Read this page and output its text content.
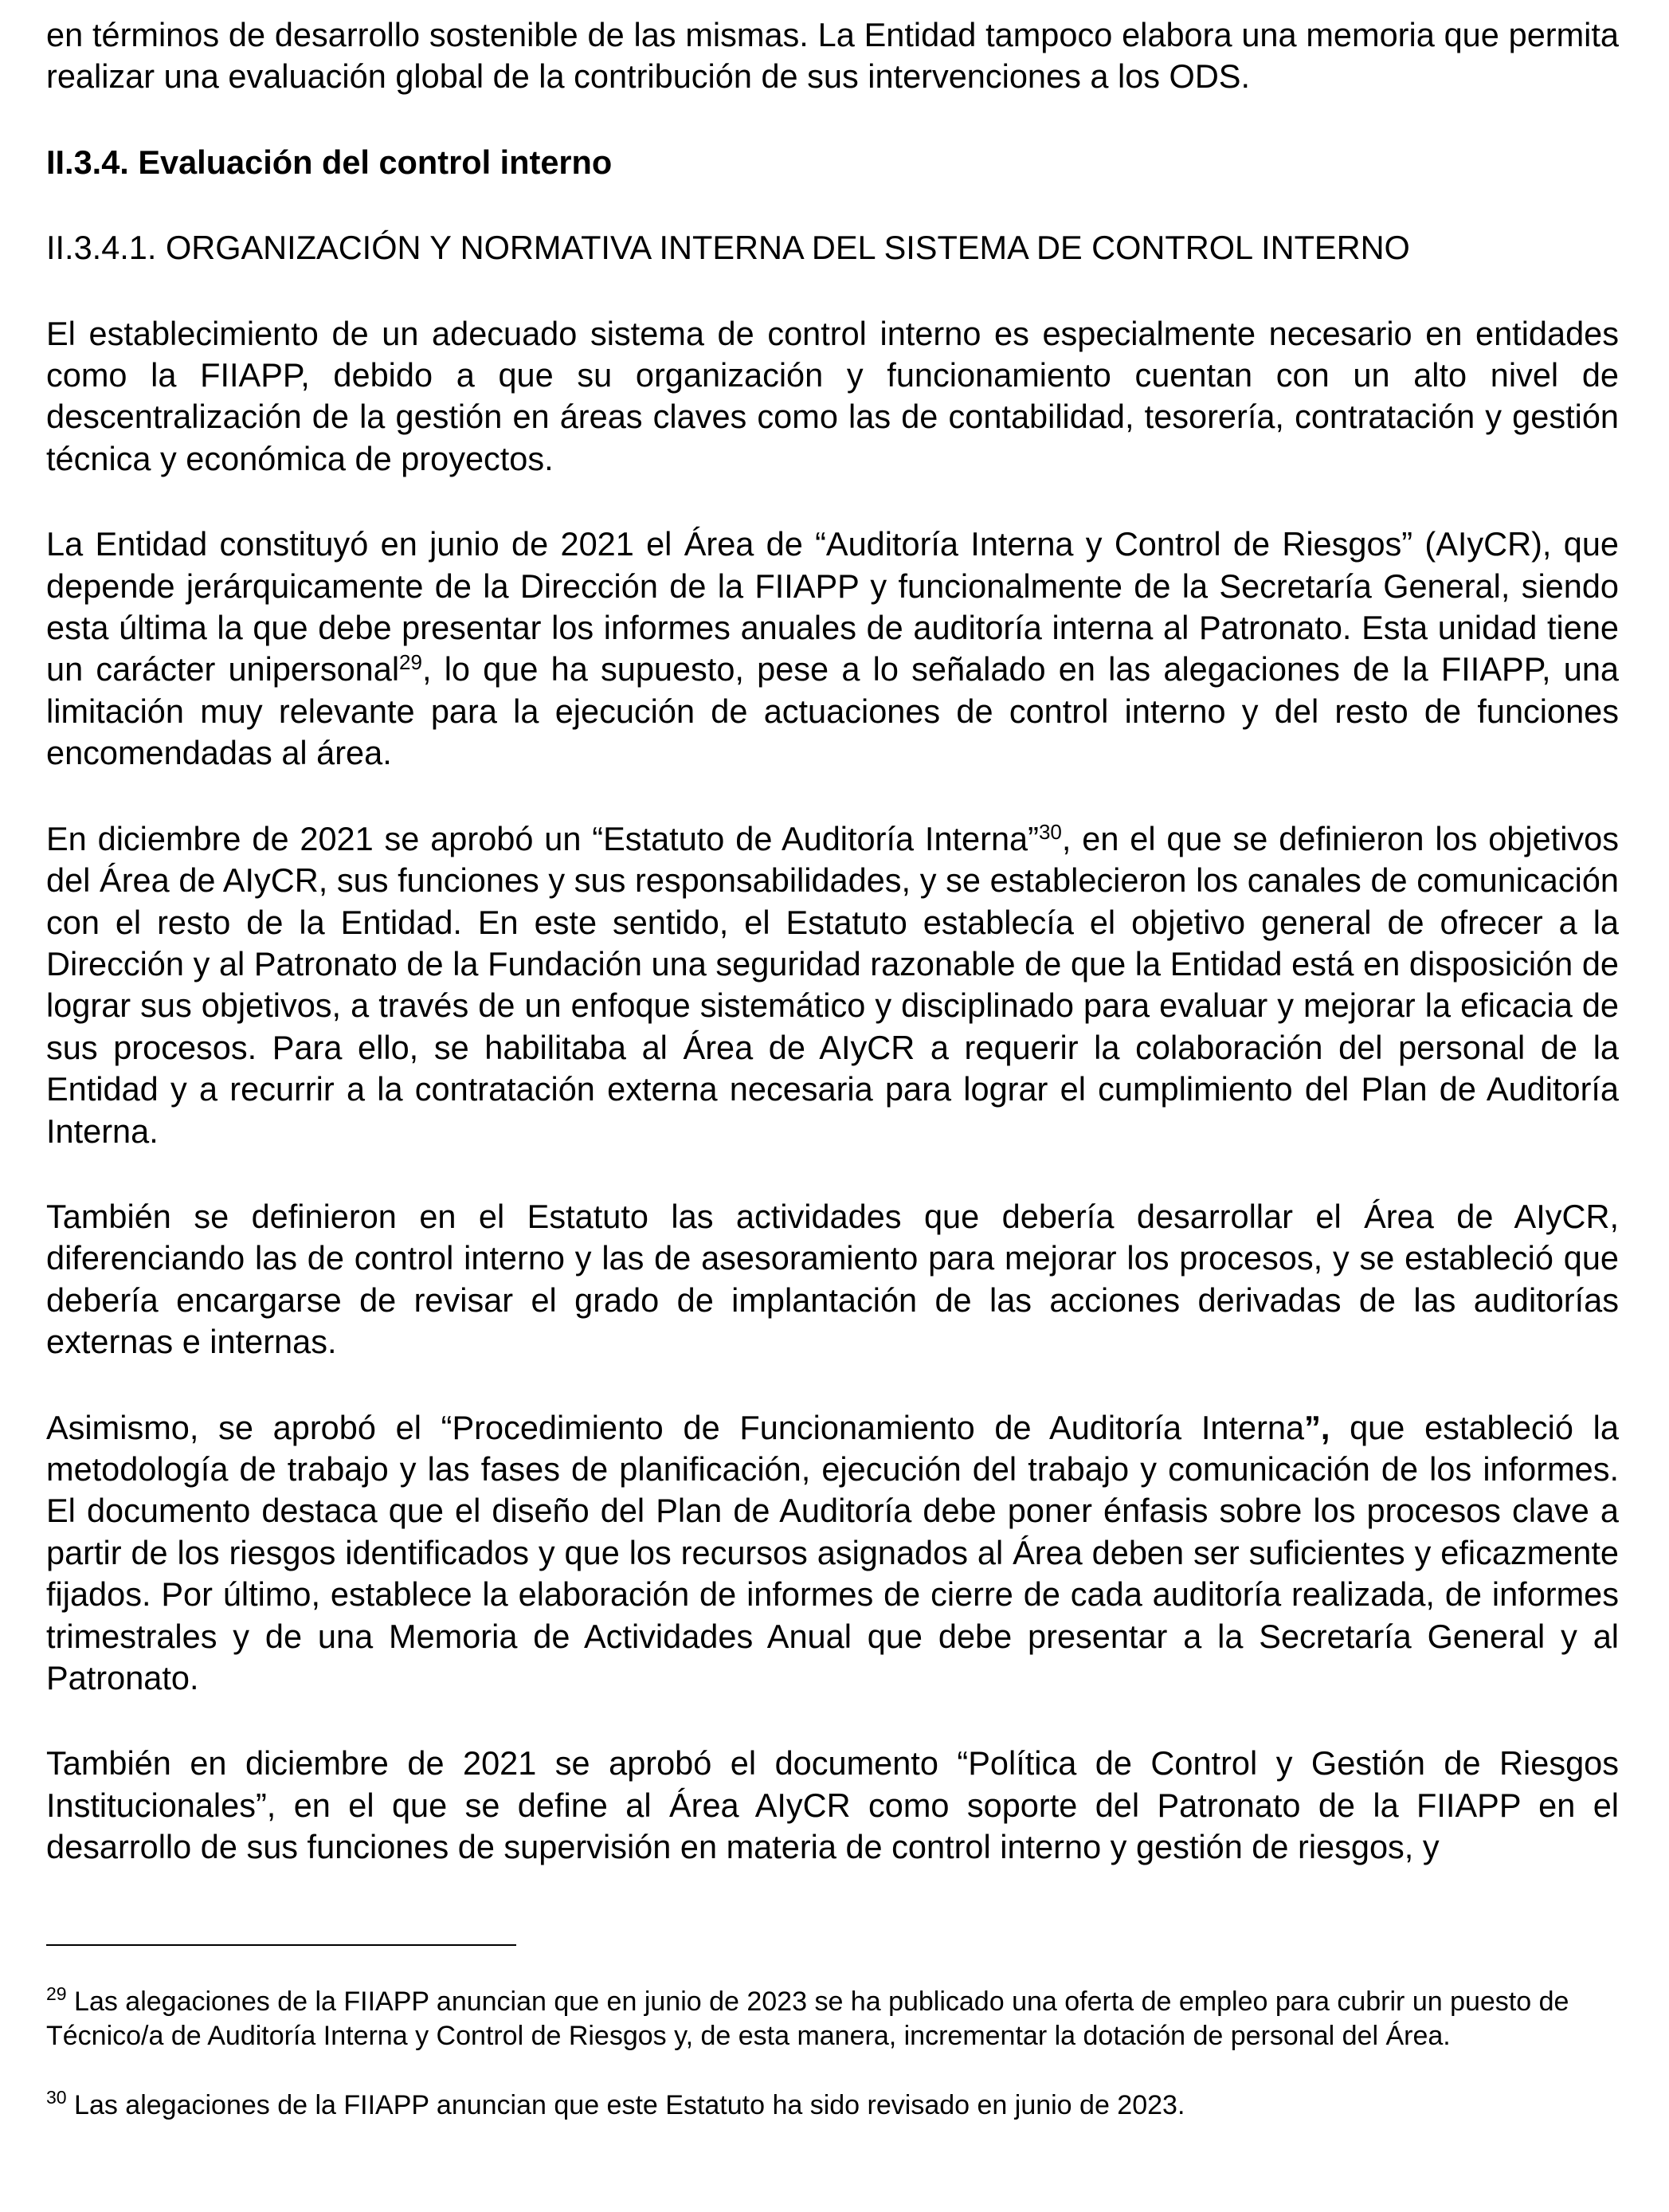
en términos de desarrollo sostenible de las mismas. La Entidad tampoco elabora una memoria que permita realizar una evaluación global de la contribución de sus intervenciones a los ODS.

II.3.4. Evaluación del control interno
II.3.4.1. ORGANIZACIÓN Y NORMATIVA INTERNA DEL SISTEMA DE CONTROL INTERNO

El establecimiento de un adecuado sistema de control interno es especialmente necesario en entidades como la FIIAPP, debido a que su organización y funcionamiento cuentan con un alto nivel de descentralización de la gestión en áreas claves como las de contabilidad, tesorería, contratación y gestión técnica y económica de proyectos.

La Entidad constituyó en junio de 2021 el Área de “Auditoría Interna y Control de Riesgos” (AIyCR), que depende jerárquicamente de la Dirección de la FIIAPP y funcionalmente de la Secretaría General, siendo esta última la que debe presentar los informes anuales de auditoría interna al Patronato. Esta unidad tiene un carácter unipersonal$^{29}$, lo que ha supuesto, pese a lo señalado en las alegaciones de la FIIAPP, una limitación muy relevante para la ejecución de actuaciones de control interno y del resto de funciones encomendadas al área.

En diciembre de 2021 se aprobó un “Estatuto de Auditoría Interna”$^{30}$, en el que se definieron los objetivos del Área de AIyCR, sus funciones y sus responsabilidades, y se establecieron los canales de comunicación con el resto de la Entidad. En este sentido, el Estatuto establecía el objetivo general de ofrecer a la Dirección y al Patronato de la Fundación una seguridad razonable de que la Entidad está en disposición de lograr sus objetivos, a través de un enfoque sistemático y disciplinado para evaluar y mejorar la eficacia de sus procesos. Para ello, se habilitaba al Área de AIyCR a requerir la colaboración del personal de la Entidad y a recurrir a la contratación externa necesaria para lograr el cumplimiento del Plan de Auditoría Interna.

También se definieron en el Estatuto las actividades que debería desarrollar el Área de AIyCR, diferenciando las de control interno y las de asesoramiento para mejorar los procesos, y se estableció que debería encargarse de revisar el grado de implantación de las acciones derivadas de las auditorías externas e internas.

Asimismo, se aprobó el “Procedimiento de Funcionamiento de Auditoría Interna”, que estableció la metodología de trabajo y las fases de planificación, ejecución del trabajo y comunicación de los informes. El documento destaca que el diseño del Plan de Auditoría debe poner énfasis sobre los procesos clave a partir de los riesgos identificados y que los recursos asignados al Área deben ser suficientes y eficazmente fijados. Por último, establece la elaboración de informes de cierre de cada auditoría realizada, de informes trimestrales y de una Memoria de Actividades Anual que debe presentar a la Secretaría General y al Patronato.

También en diciembre de 2021 se aprobó el documento “Política de Control y Gestión de Riesgos Institucionales”, en el que se define al Área AIyCR como soporte del Patronato de la FIIAPP en el desarrollo de sus funciones de supervisión en materia de control interno y gestión de riesgos, y

$^{29}$ Las alegaciones de la FIIAPP anuncian que en junio de 2023 se ha publicado una oferta de empleo para cubrir un puesto de Técnico/a de Auditoría Interna y Control de Riesgos y, de esta manera, incrementar la dotación de personal del Área.

$^{30}$ Las alegaciones de la FIIAPP anuncian que este Estatuto ha sido revisado en junio de 2023.
